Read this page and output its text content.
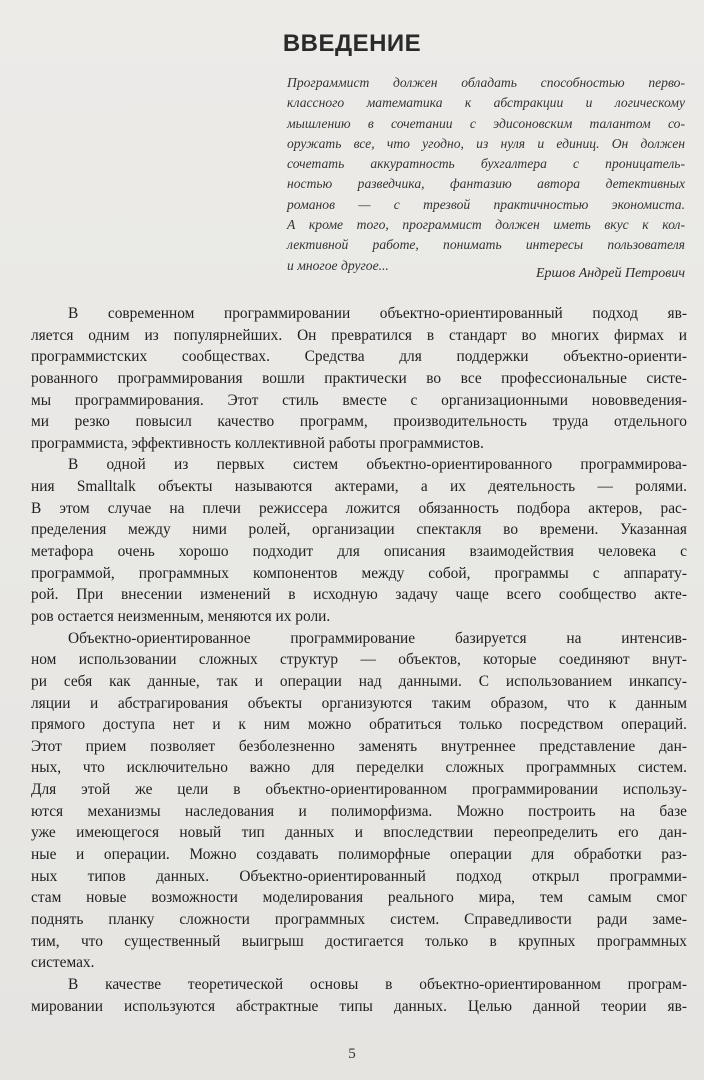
ВВЕДЕНИЕ
Программист должен обладать способностью перво-
классного математика к абстракции и логическому
мышлению в сочетании с эдисоновским талантом со-
оружать все, что угодно, из нуля и единиц. Он должен
сочетать аккуратность бухгалтера с проницатель-
ностью разведчика, фантазию автора детективных
романов — с трезвой практичностью экономиста.
А кроме того, программист должен иметь вкус к кол-
лективной работе, понимать интересы пользователя
и многое другое...
Ершов Андрей Петрович
В современном программировании объектно-ориентированный подход яв-
ляется одним из популярнейших. Он превратился в стандарт во многих фирмах и
программистских сообществах. Средства для поддержки объектно-ориенти-
рованного программирования вошли практически во все профессиональные систе-
мы программирования. Этот стиль вместе с организационными нововведения-
ми резко повысил качество программ, производительность труда отдельного
программиста, эффективность коллективной работы программистов.
В одной из первых систем объектно-ориентированного программирова-
ния Smalltalk объекты называются актерами, а их деятельность — ролями.
В этом случае на плечи режиссера ложится обязанность подбора актеров, рас-
пределения между ними ролей, организации спектакля во времени. Указанная
метафора очень хорошо подходит для описания взаимодействия человека с
программой, программных компонентов между собой, программы с аппарату-
рой. При внесении изменений в исходную задачу чаще всего сообщество акте-
ров остается неизменным, меняются их роли.
Объектно-ориентированное программирование базируется на интенсив-
ном использовании сложных структур — объектов, которые соединяют внут-
ри себя как данные, так и операции над данными. С использованием инкапсу-
ляции и абстрагирования объекты организуются таким образом, что к данным
прямого доступа нет и к ним можно обратиться только посредством операций.
Этот прием позволяет безболезненно заменять внутреннее представление дан-
ных, что исключительно важно для переделки сложных программных систем.
Для этой же цели в объектно-ориентированном программировании использу-
ются механизмы наследования и полиморфизма. Можно построить на базе
уже имеющегося новый тип данных и впоследствии переопределить его дан-
ные и операции. Можно создавать полиморфные операции для обработки раз-
ных типов данных. Объектно-ориентированный подход открыл программи-
стам новые возможности моделирования реального мира, тем самым смог
поднять планку сложности программных систем. Справедливости ради заме-
тим, что существенный выигрыш достигается только в крупных программных
системах.
В качестве теоретической основы в объектно-ориентированном програм-
мировании используются абстрактные типы данных. Целью данной теории яв-
5
